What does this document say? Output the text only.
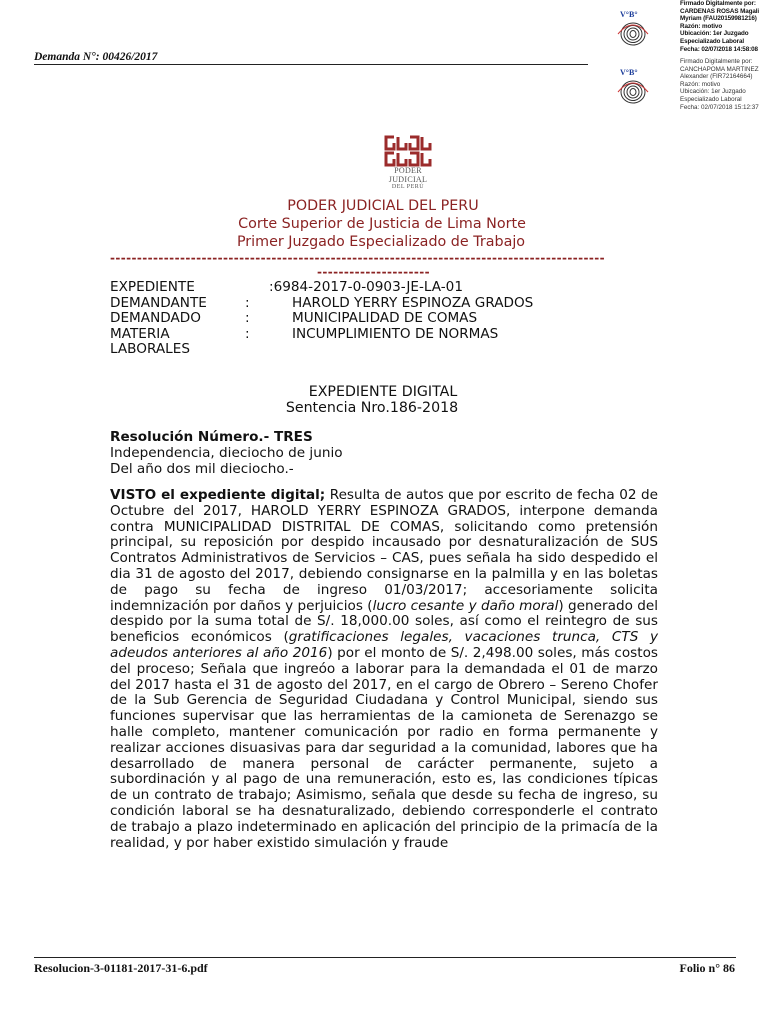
Demanda N°: 00426/2017
V°B°
Firmado Digitalmente por:
CARDENAS ROSAS Magali
Myriam (FAU20159981216)
Razón: motivo
Ubicación: 1er Juzgado
Especializado Laboral
Fecha: 02/07/2018 14:58:08
V°B°
Firmado Digitalmente por:
CANCHAPOMA MARTINEZ
Alexander (FIR72164664)
Razón: motivo
Ubicación: 1er Juzgado
Especializado Laboral
Fecha: 02/07/2018 15:12:37
PODER JUDICIAL
DEL PERÚ
PODER JUDICIAL DEL PERU
Corte Superior de Justicia de Lima Norte
Primer Juzgado Especializado de Trabajo
--------------------------------------------------------------------------------------------
---------------------
EXPEDIENTE	:6984-2017-0-0903-JE-LA-01
DEMANDANTE	:	HAROLD YERRY ESPINOZA GRADOS
DEMANDADO	:	MUNICIPALIDAD DE COMAS
MATERIA	:	INCUMPLIMIENTO DE NORMAS
LABORALES
EXPEDIENTE DIGITAL
Sentencia Nro.186-2018
Resolución Número.- TRES
Independencia, dieciocho de junio
Del año dos mil dieciocho.-
VISTO el expediente digital; Resulta de autos que por escrito de fecha 02 de Octubre del 2017, HAROLD YERRY ESPINOZA GRADOS, interpone demanda contra MUNICIPALIDAD DISTRITAL DE COMAS, solicitando como pretensión principal, su reposición por despido incausado por desnaturalización de SUS Contratos Administrativos de Servicios – CAS, pues señala ha sido despedido el dia 31 de agosto del 2017, debiendo consignarse en la palmilla y en las boletas de pago su fecha de ingreso 01/03/2017; accesoriamente solicita indemnización por daños y perjuicios (lucro cesante y daño moral) generado del despido por la suma total de S/. 18,000.00 soles, así como el reintegro de sus beneficios económicos (gratificaciones legales, vacaciones trunca, CTS y adeudos anteriores al año 2016) por el monto de S/. 2,498.00 soles, más costos del proceso; Señala que ingreóo a laborar para la demandada el 01 de marzo del 2017 hasta el 31 de agosto del 2017, en el cargo de Obrero – Sereno Chofer de la Sub Gerencia de Seguridad Ciudadana y Control Municipal, siendo sus funciones supervisar que las herramientas de la camioneta de Serenazgo se halle completo, mantener comunicación por radio en forma permanente y realizar acciones disuasivas para dar seguridad a la comunidad, labores que ha desarrollado de manera personal de carácter permanente, sujeto a subordinación y al pago de una remuneración, esto es, las condiciones típicas de un contrato de trabajo; Asimismo, señala que desde su fecha de ingreso, su condición laboral se ha desnaturalizado, debiendo corresponderle el contrato de trabajo a plazo indeterminado en aplicación del principio de la primacía de la realidad, y por haber existido simulación y fraude
Resolucion-3-01181-2017-31-6.pdf	Folio n° 86
